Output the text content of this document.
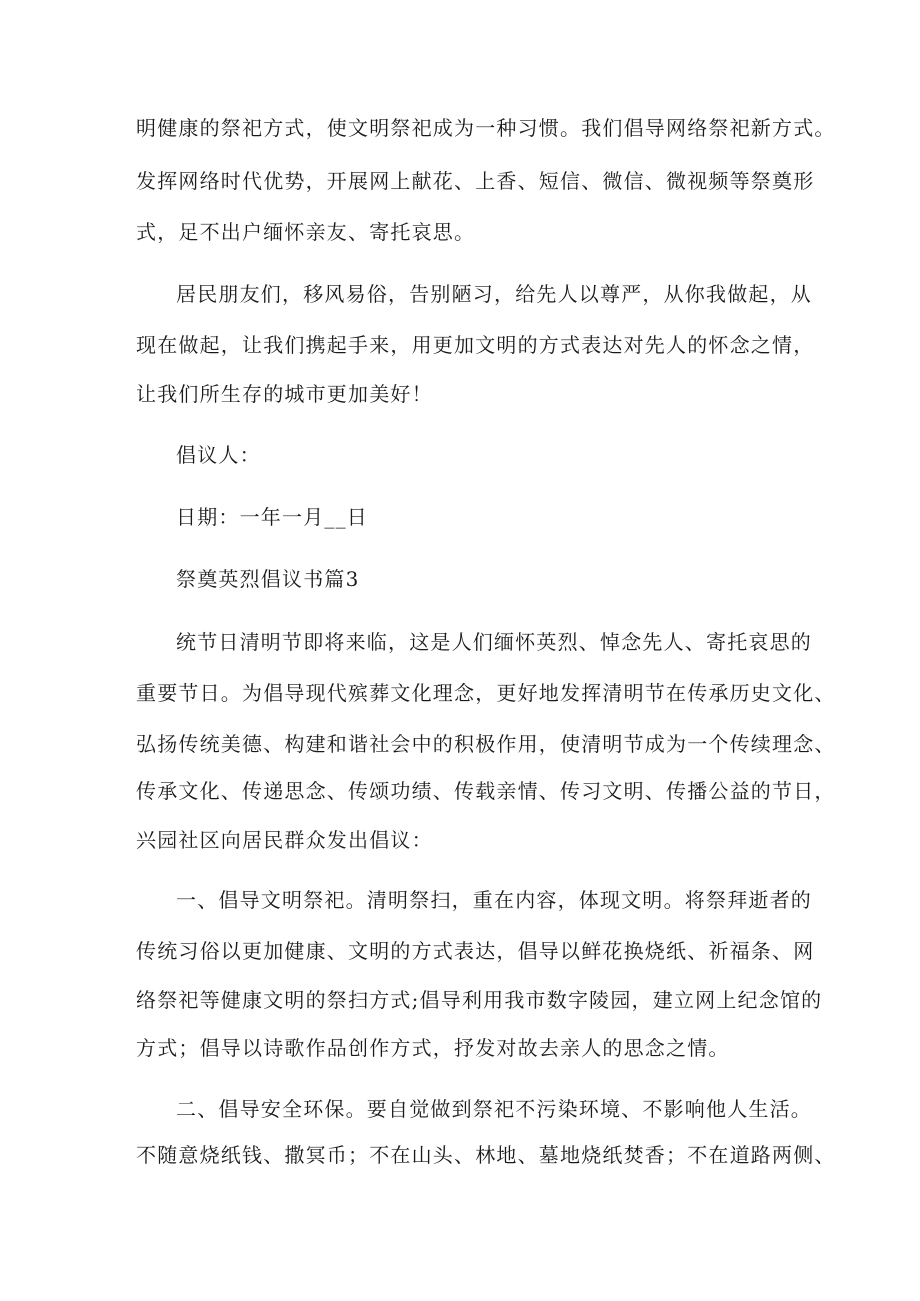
明健康的祭祀方式，使文明祭祀成为一种习惯。我们倡导网络祭祀新方式。
发挥网络时代优势，开展网上献花、上香、短信、微信、微视频等祭奠形
式，足不出户缅怀亲友、寄托哀思。
居民朋友们，移风易俗，告别陋习，给先人以尊严，从你我做起，从
现在做起，让我们携起手来，用更加文明的方式表达对先人的怀念之情，
让我们所生存的城市更加美好！
倡议人：
日期：一年一月__日
祭奠英烈倡议书篇3
统节日清明节即将来临，这是人们缅怀英烈、悼念先人、寄托哀思的
重要节日。为倡导现代殡葬文化理念，更好地发挥清明节在传承历史文化、
弘扬传统美德、构建和谐社会中的积极作用，使清明节成为一个传续理念、
传承文化、传递思念、传颂功绩、传载亲情、传习文明、传播公益的节日，
兴园社区向居民群众发出倡议：
一、倡导文明祭祀。清明祭扫，重在内容，体现文明。将祭拜逝者的
传统习俗以更加健康、文明的方式表达，倡导以鲜花换烧纸、祈福条、网
络祭祀等健康文明的祭扫方式;倡导利用我市数字陵园，建立网上纪念馆的
方式；倡导以诗歌作品创作方式，抒发对故去亲人的思念之情。
二、倡导安全环保。要自觉做到祭祀不污染环境、不影响他人生活。
不随意烧纸钱、撒冥币；不在山头、林地、墓地烧纸焚香；不在道路两侧、
